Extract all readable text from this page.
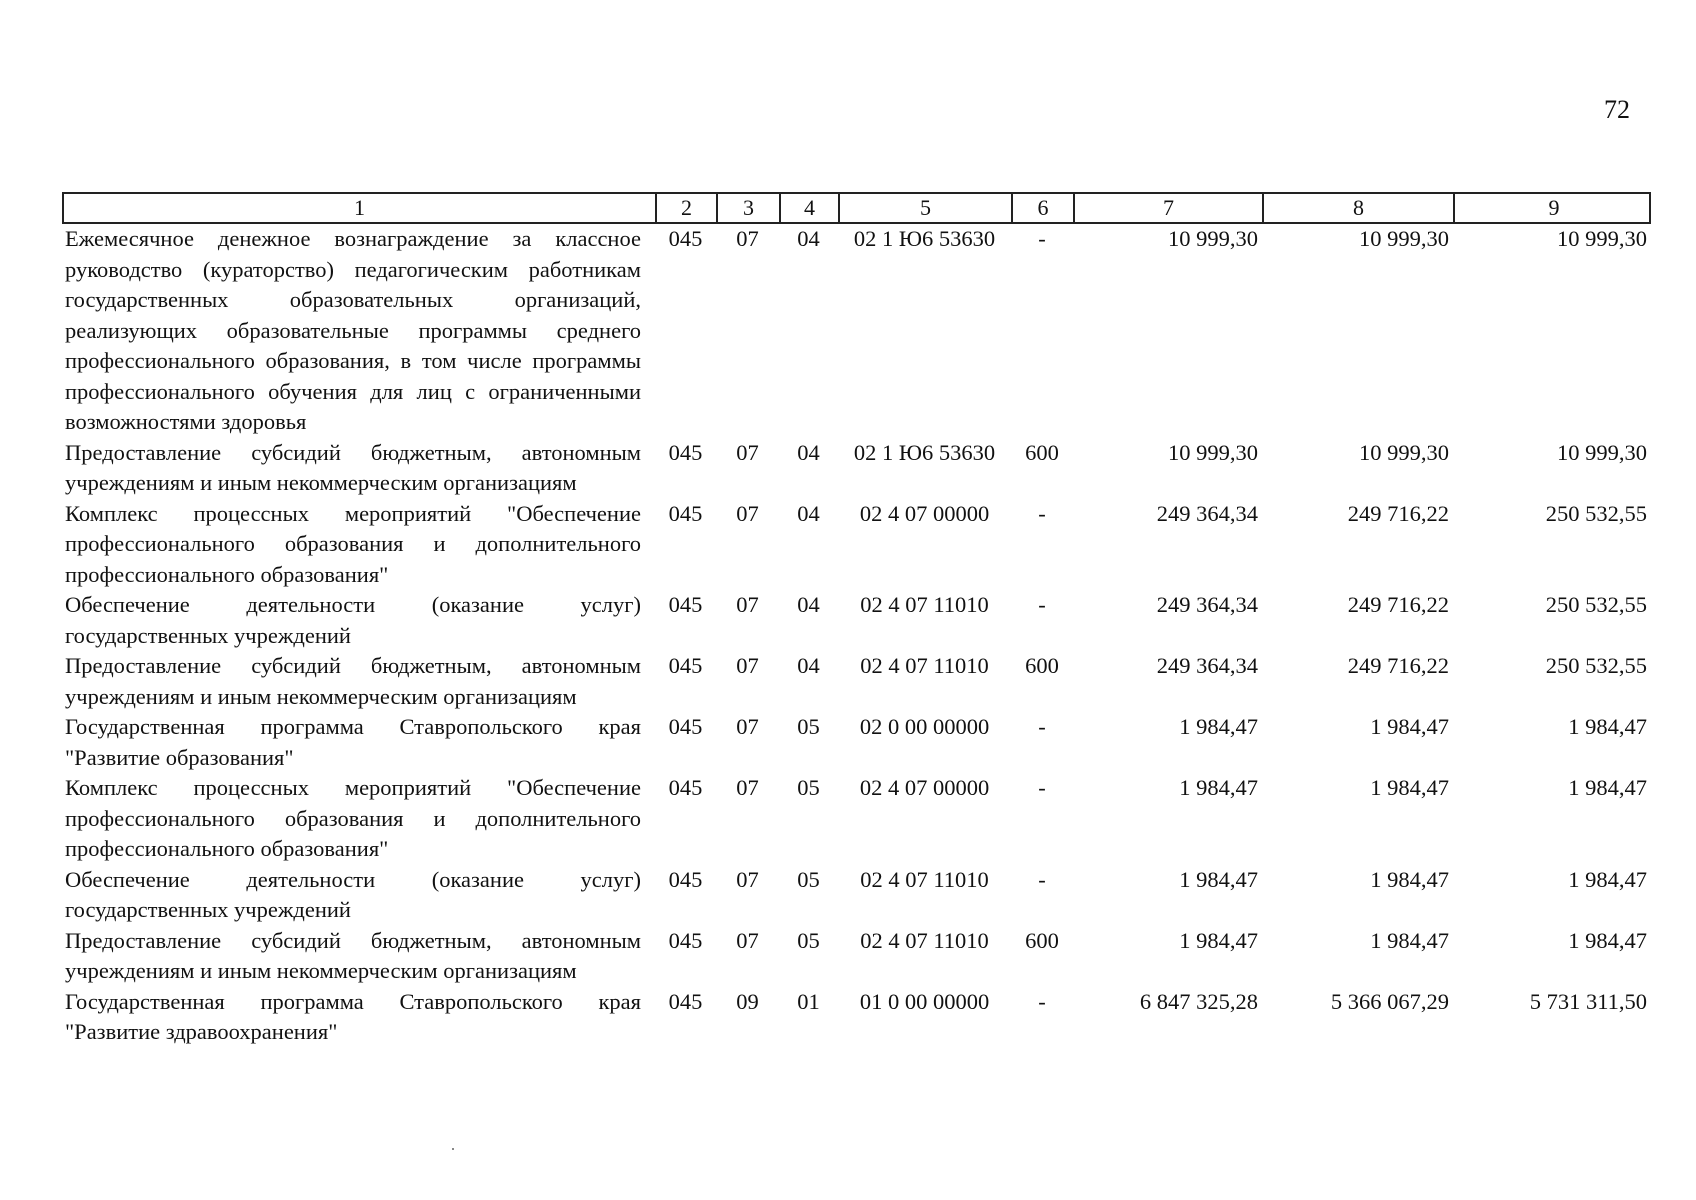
72
1	2	3	4	5	6	7	8	9
Ежемесячное денежное вознаграждение за классное руководство (кураторство) педагогическим работникам государственных образовательных организаций, реализующих образовательные программы среднего профессионального образования, в том числе программы профессионального обучения для лиц с ограниченными возможностями здоровья
045	07	04	02 1 Ю6 53630	-	10 999,30	10 999,30	10 999,30
Предоставление субсидий бюджетным, автономным учреждениям и иным некоммерческим организациям
045	07	04	02 1 Ю6 53630	600	10 999,30	10 999,30	10 999,30
Комплекс процессных мероприятий "Обеспечение профессионального образования и дополнительного профессионального образования"
045	07	04	02 4 07 00000	-	249 364,34	249 716,22	250 532,55
Обеспечение деятельности (оказание услуг) государственных учреждений
045	07	04	02 4 07 11010	-	249 364,34	249 716,22	250 532,55
Предоставление субсидий бюджетным, автономным учреждениям и иным некоммерческим организациям
045	07	04	02 4 07 11010	600	249 364,34	249 716,22	250 532,55
Государственная программа Ставропольского края "Развитие образования"
045	07	05	02 0 00 00000	-	1 984,47	1 984,47	1 984,47
Комплекс процессных мероприятий "Обеспечение профессионального образования и дополнительного профессионального образования"
045	07	05	02 4 07 00000	-	1 984,47	1 984,47	1 984,47
Обеспечение деятельности (оказание услуг) государственных учреждений
045	07	05	02 4 07 11010	-	1 984,47	1 984,47	1 984,47
Предоставление субсидий бюджетным, автономным учреждениям и иным некоммерческим организациям
045	07	05	02 4 07 11010	600	1 984,47	1 984,47	1 984,47
Государственная программа Ставропольского края "Развитие здравоохранения"
045	09	01	01 0 00 00000	-	6 847 325,28	5 366 067,29	5 731 311,50
